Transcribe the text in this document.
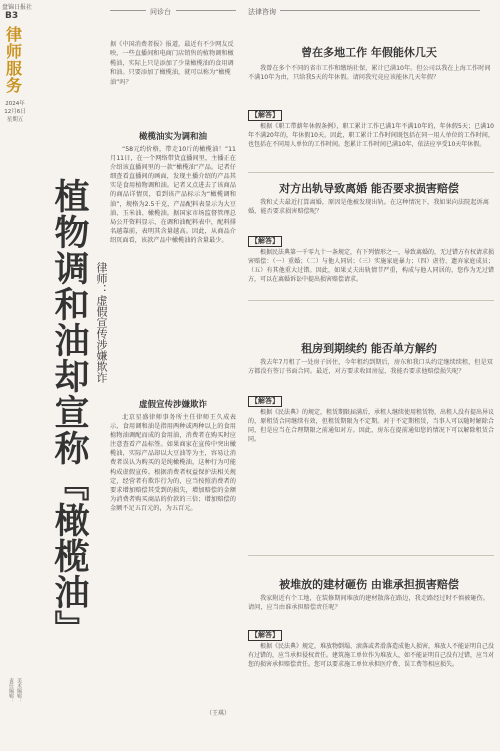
盘锦日报社
B3
律师服务
2024年
12月6日
星期五
责任编辑： 美术编辑：
植物调和油却宣称『橄榄油』 律师：虚假宣传涉嫌欺诈
问诊台
据《中国消费者报》报道，最近有不少网友反映，一些直播间和电商门店销售的植物调和橄榄油，实际上只是添加了少量橄榄油的食用调和油。只要添加了橄榄油，就可以称为“橄榄油”吗？
橄榄油实为调和油
“58元约价格，带走10斤的橄榄油！”11月11日，在一个网络带货直播间里，主播正在介绍该直播间里的一款“橄榄油”产品。记者仔细查看直播间的画面，发现主播介绍的产品其实是食用植物调和油。记者又点进去了该商品的商品详情页，看到该产品标示为“橄榄调和油”，规格为2.5千克，产品配料表显示为大豆油、玉米油、橄榄油。据国家市场监督管理总局公开资料显示，在调和油配料表中，配料排名越靠前，表明其含量越高。因此，从商品介绍页面看，该款产品中橄榄油的含量最少。
虚假宣传涉嫌欺诈
北京星盛律师事务所主任律师王久成表示，食用调和油是指用两种或两种以上的食用植物油调配而成的食用油，消费者在购买时应注意查看产品标签。如果商家在宣传中突出橄榄油，实际产品却以大豆油等为主，容易让消费者误认为购买的是纯橄榄油，这种行为可能构成虚假宣传。根据消费者权益保护法相关规定，经营者有欺诈行为的，应当按照消费者的要求增加赔偿其受到的损失，增加赔偿的金额为消费者购买商品的价款的三倍；增加赔偿的金额不足五百元的，为五百元。
（王琪）
法律咨询
曾在多地工作 年假能休几天
我曾在多个不同的省市工作和缴纳社保，累计已满10年。但公司以我在上海工作时间不满10年为由，只给我5天的年休假。请问我究竟应该能休几天年假？
【解答】
根据《职工带薪年休假条例》，职工累计工作已满1年不满10年的，年休假5天；已满10年不满20年的，年休假10天。因此，职工累计工作时间既包括在同一用人单位的工作时间，也包括在不同用人单位的工作时间。您累计工作时间已满10年，依法应享受10天年休假。
对方出轨导致离婚 能否要求损害赔偿
我和丈夫最近打算离婚，原因是他被发现出轨。在这种情况下，我如果向法院起诉离婚，能否要求损害赔偿呢？
【解答】
根据民法典第一千零九十一条规定，有下列情形之一，导致离婚的，无过错方有权请求损害赔偿：（一）重婚；（二）与他人同居；（三）实施家庭暴力；（四）虐待、遗弃家庭成员；（五）有其他重大过错。因此，如果丈夫出轨情节严重，构成与他人同居的，您作为无过错方，可以在离婚诉讼中提出损害赔偿请求。
租房到期续约 能否单方解约
我去年7月租了一处房子居住，今年租约到期后，房东和我口头约定继续续租，但是双方都没有签订书面合同。最近，对方要求收回房屋，我能否要求他赔偿损失呢？
【解答】
根据《民法典》的规定，租赁期限届满后，承租人继续使用租赁物，出租人没有提出异议的，原租赁合同继续有效，但租赁期限为不定期。对于不定期租赁，当事人可以随时解除合同，但是应当在合理期限之前通知对方。因此，房东在提前通知您的情况下可以解除租赁合同。
被堆放的建材砸伤 由谁承担损害赔偿
我家附近有个工地，在装修期间堆放的建材散落在路边，我走路经过时不慎被砸伤。请问，应当由谁承担赔偿责任呢？
【解答】
根据《民法典》规定，堆放物倒塌、滚落或者滑落造成他人损害，堆放人不能证明自己没有过错的，应当承担侵权责任。建筑施工单位作为堆放人，如不能证明自己没有过错，应当对您的损害承担赔偿责任。您可以要求施工单位承担医疗费、误工费等相应损失。
